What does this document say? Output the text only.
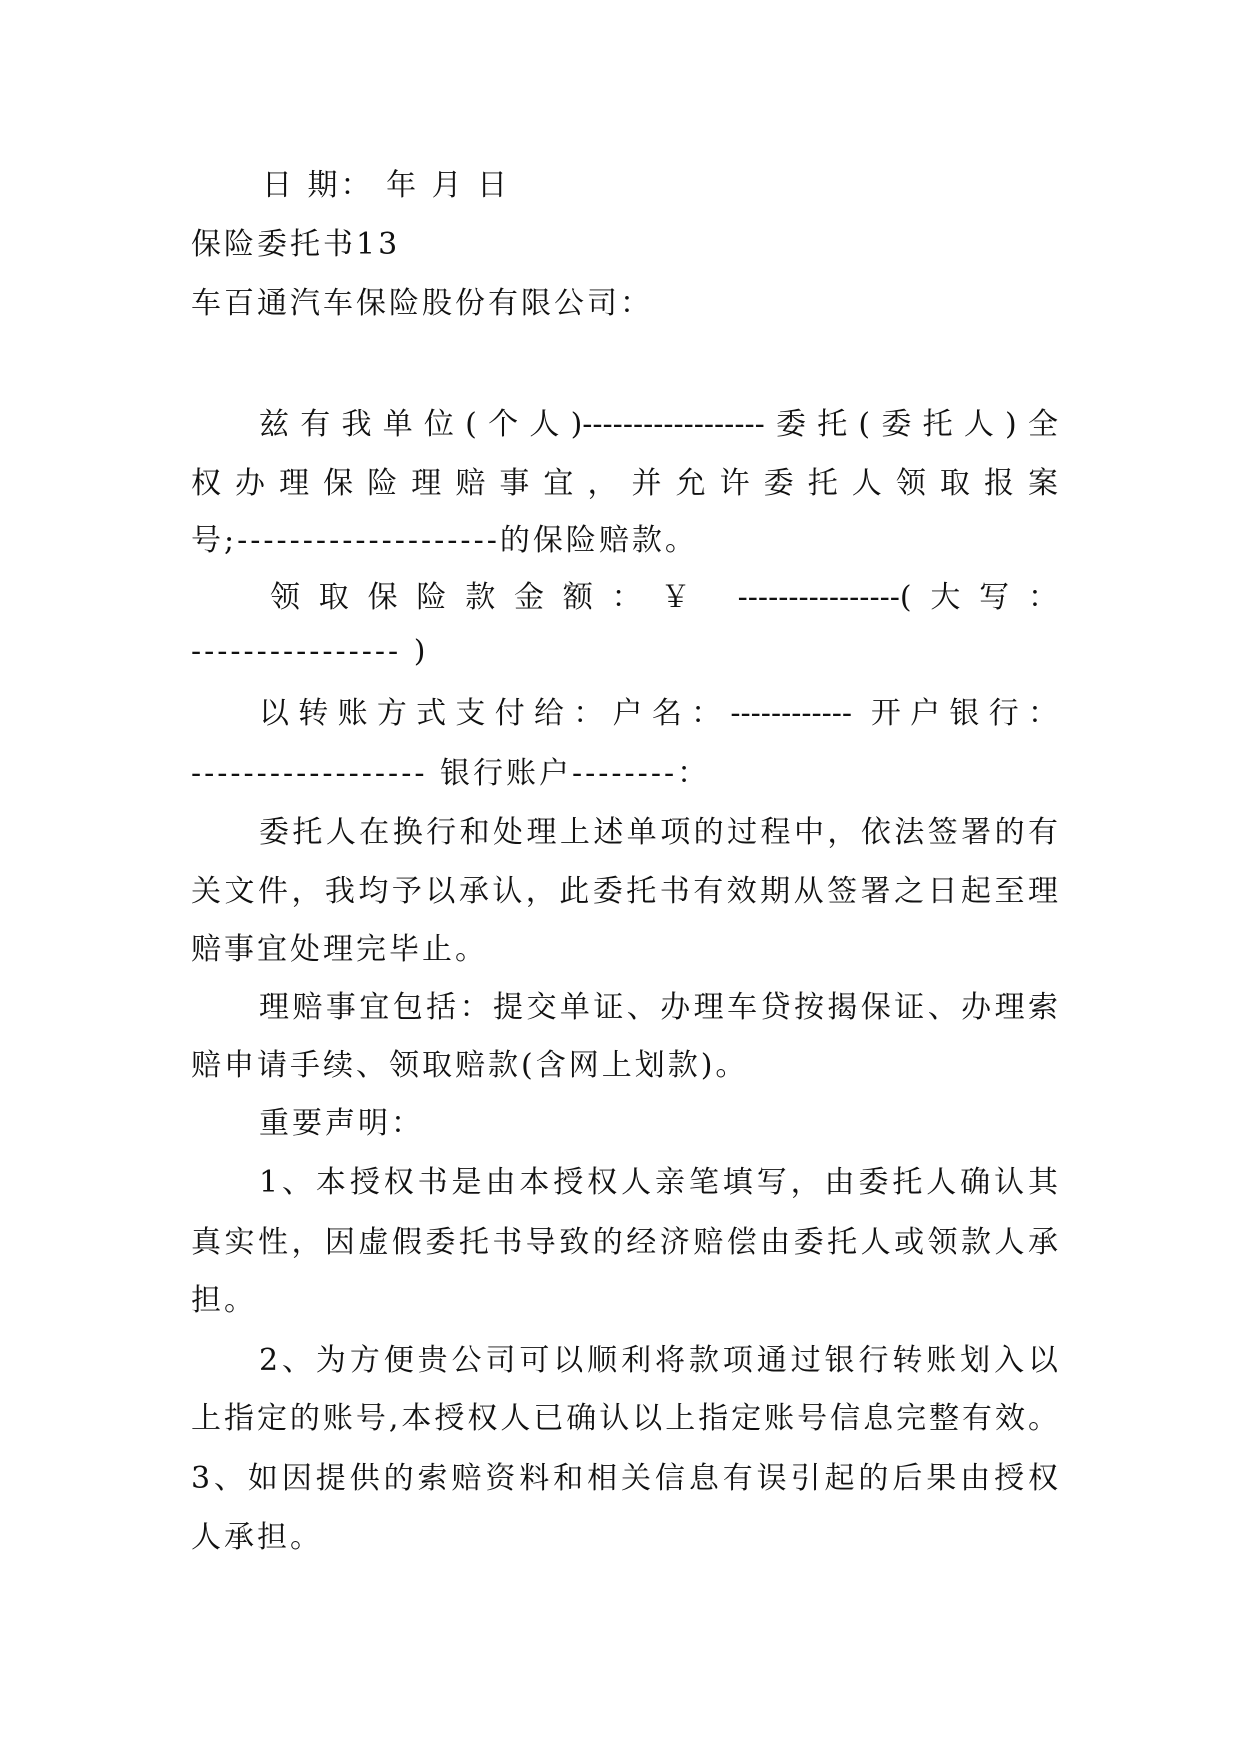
日 期： 年 月 日
保险委托书13
车百通汽车保险股份有限公司：
兹有我单位(个人)------------------委托(委托人)全
权办理保险理赔事宜，并允许委托人领取报案
号;--------------------的保险赔款。
领取保险款金额：￥ ----------------(大写：
---------------- )
以转账方式支付给：户名：------------ 开户银行：
------------------ 银行账户--------：
委托人在换行和处理上述单项的过程中，依法签署的有
关文件，我均予以承认，此委托书有效期从签署之日起至理
赔事宜处理完毕止。
理赔事宜包括：提交单证、办理车贷按揭保证、办理索
赔申请手续、领取赔款(含网上划款)。
重要声明：
1、本授权书是由本授权人亲笔填写，由委托人确认其
真实性，因虚假委托书导致的经济赔偿由委托人或领款人承
担。
2、为方便贵公司可以顺利将款项通过银行转账划入以
上指定的账号,本授权人已确认以上指定账号信息完整有效。
3、如因提供的索赔资料和相关信息有误引起的后果由授权
人承担。
